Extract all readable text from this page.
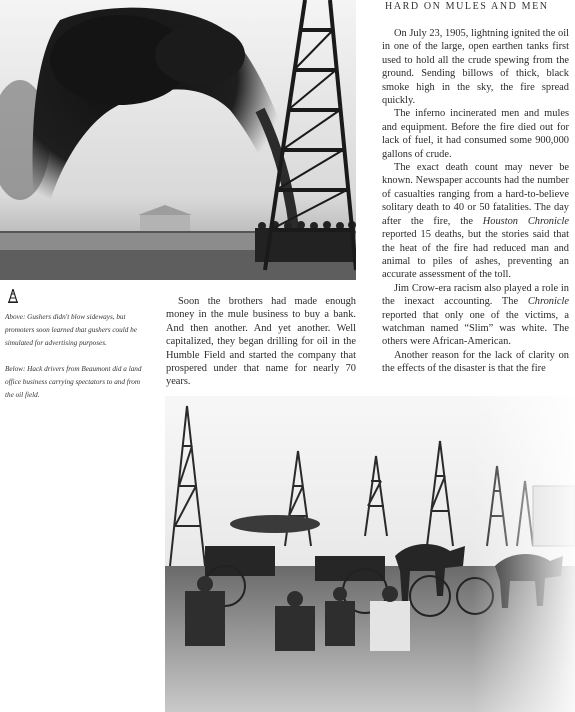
Above: Gushers didn't blow sideways, but promoters soon learned that gushers could be simulated for advertising purposes.

Below: Hack drivers from Beaumont did a land office business carrying spectators to and from the oil field.

Soon the brothers had made enough money in the mule business to buy a bank. And then another. And yet another. Well capitalized, they began drilling for oil in the Humble Field and started the company that prospered under that name for nearly 70 years.

HARD ON MULES AND MEN

On July 23, 1905, lightning ignited the oil in one of the large, open earthen tanks first used to hold all the crude spewing from the ground. Sending billows of thick, black smoke high in the sky, the fire spread quickly.

The inferno incinerated men and mules and equipment. Before the fire died out for lack of fuel, it had consumed some 900,000 gallons of crude.

The exact death count may never be known. Newspaper accounts had the number of casualties ranging from a hard-to-believe solitary death to 40 or 50 fatalities. The day after the fire, the Houston Chronicle reported 15 deaths, but the stories said that the heat of the fire had reduced man and animal to piles of ashes, preventing an accurate assessment of the toll.

Jim Crow-era racism also played a role in the inexact accounting. The Chronicle reported that only one of the victims, a watchman named “Slim” was white. The others were African-American.

Another reason for the lack of clarity on the effects of the disaster is that the fire
